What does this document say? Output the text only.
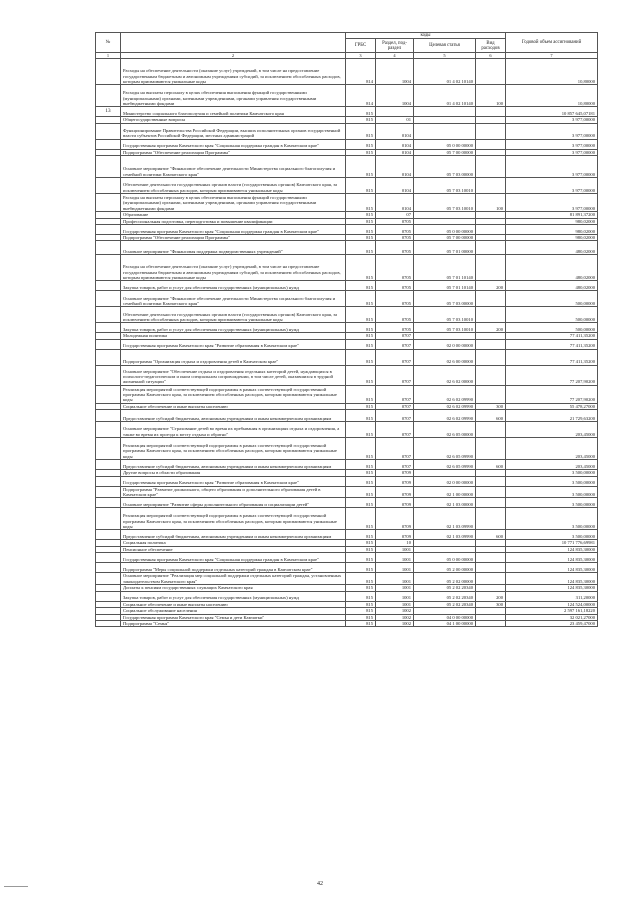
№		коды				Годовой объем ассигнований
		ГРБС	Раздел, под-раздел	Целевая статья	Вид расходов	
1	2	3	4	5	6	7
	Расходы на обеспечение деятельности (оказание услуг) учреждений, в том числе на предоставление государственным бюджетным и автономным учреждениям субсидий, за исключением обособленных расходов, которым присваиваются уникальные коды	814	1004	01 4 02 10140		10,80000
	Расходы на выплаты персоналу в целях обеспечения выполнения функций государственными (муниципальными) органами, казенными учреждениями, органами управления государственными внебюджетными фондами	814	1004	01 4 02 10140	100	10,80000
13	Министерство социального благополучия и семейной политики Камчатского края	815				10 857 645,07181
	Общегосударственные вопросы	815	01			3 977,00000
	Функционирование Правительства Российской Федерации, высших исполнительных органов государственной власти субъектов Российской Федерации, местных администраций	815	0104			3 977,00000
	Государственная программа Камчатского края "Социальная поддержка граждан в Камчатском крае"	815	0104	05 0 00 00000		3 977,00000
	Подпрограмма "Обеспечение реализации Программы"	815	0104	05 7 00 00000		3 977,00000
	Основное мероприятие "Финансовое обеспечение деятельности Министерства социального благополучия и семейной политики Камчатского края"	815	0104	05 7 03 00000		3 977,00000
	Обеспечение деятельности государственных органов власти (государственных органов) Камчатского края, за исключением обособленных расходов, которым присваиваются уникальные коды	815	0104	05 7 03 10010		3 977,00000
	Расходы на выплаты персоналу в целях обеспечения выполнения функций государственными (муниципальными) органами, казенными учреждениями, органами управления государственными внебюджетными фондами	815	0104	05 7 03 10010	100	3 977,00000
	Образование	815	07			81 891,37200
	Профессиональная подготовка, переподготовка и повышение квалификации	815	0705			980,02000
	Государственная программа Камчатского края "Социальная поддержка граждан в Камчатском крае"	815	0705	05 0 00 00000		980,02000
	Подпрограмма "Обеспечение реализации Программы"	815	0705	05 7 00 00000		980,02000
	Основное мероприятие "Финансовая поддержка подведомственных учреждений"	815	0705	05 7 01 00000		480,02000
	Расходы на обеспечение деятельности (оказание услуг) учреждений, в том числе на предоставление государственным бюджетным и автономным учреждениям субсидий, за исключением обособленных расходов, которым присваиваются уникальные коды	815	0705	05 7 01 10140		480,02000
	Закупка товаров, работ и услуг для обеспечения государственных (муниципальных) нужд	815	0705	05 7 01 10140	200	480,02000
	Основное мероприятие "Финансовое обеспечение деятельности Министерства социального благополучия и семейной политики Камчатского края"	815	0705	05 7 03 00000		500,00000
	Обеспечение деятельности государственных органов власти (государственных органов) Камчатского края, за исключением обособленных расходов, которым присваиваются уникальные коды	815	0705	05 7 03 10010		500,00000
	Закупка товаров, работ и услуг для обеспечения государственных (муниципальных) нужд	815	0705	05 7 03 10010	200	500,00000
	Молодежная политика	815	0707			77 411,35200
	Государственная программа Камчатского края "Развитие образования в Камчатском крае"	815	0707	02 0 00 00000		77 411,35200
	Подпрограмма "Организация отдыха и оздоровления детей в Камчатском крае"	815	0707	02 6 00 00000		77 411,35200
	Основное мероприятие "Обеспечение отдыха и оздоровления отдельных категорий детей, нуждающихся в психолого-педагогическом и ином специальном сопровождении, в том числе детей, оказавшихся в трудной жизненной ситуации"	815	0707	02 6 02 00000		77 207,90200
	Реализация мероприятий соответствующей подпрограммы в рамках соответствующей государственной программы Камчатского края, за исключением обособленных расходов, которым присваиваются уникальные коды	815	0707	02 6 02 09990		77 207,90200
	Социальное обеспечение и иные выплаты населению	815	0707	02 6 02 09990	300	55 478,27000
	Предоставление субсидий бюджетным, автономным учреждениям и иным некоммерческим организациям	815	0707	02 6 02 09990	600	21 729,63200
	Основное мероприятие "Страхование детей во время их пребывания в организациях отдыха и оздоровления, а также во время их проезда к месту отдыха и обратно"	815	0707	02 6 05 00000		203,45000
	Реализация мероприятий соответствующей подпрограммы в рамках соответствующей государственной программы Камчатского края, за исключением обособленных расходов, которым присваиваются уникальные коды	815	0707	02 6 05 09990		203,45000
	Предоставление субсидий бюджетным, автономным учреждениям и иным некоммерческим организациям	815	0707	02 6 05 09990	600	203,45000
	Другие вопросы в области образования	815	0709			3 500,00000
	Государственная программа Камчатского края "Развитие образования в Камчатском крае"	815	0709	02 0 00 00000		3 500,00000
	Подпрограмма "Развитие дошкольного, общего образования и дополнительного образования детей в Камчатском крае"	815	0709	02 1 00 00000		3 500,00000
	Основное мероприятие "Развитие сферы дополнительного образования и социализации детей"	815	0709	02 1 03 00000		3 500,00000
	Реализация мероприятий соответствующей подпрограммы в рамках соответствующей государственной программы Камчатского края, за исключением обособленных расходов, которым присваиваются уникальные коды	815	0709	02 1 03 09990		3 500,00000
	Предоставление субсидий бюджетным, автономным учреждениям и иным некоммерческим организациям	815	0709	02 1 03 09990	600	3 500,00000
	Социальная политика	815	10			10 771 776,69981
	Пенсионное обеспечение	815	1001			124 835,30000
	Государственная программа Камчатского края "Социальная поддержка граждан в Камчатском крае"	815	1001	05 0 00 00000		124 835,30000
	Подпрограмма "Меры социальной поддержки отдельных категорий граждан в Камчатском крае"	815	1001	05 2 00 00000		124 835,30000
	Основное мероприятие "Реализация мер социальной поддержки отдельных категорий граждан, установленных законодательством Камчатского края"	815	1001	05 2 02 00000		124 835,30000
	Доплаты к пенсиям государственных служащих Камчатского края	815	1001	05 2 02 20340		124 835,30000
	Закупка товаров, работ и услуг для обеспечения государственных (муниципальных) нужд	815	1001	05 2 02 20340	200	311,20000
	Социальное обеспечение и иные выплаты населению	815	1001	05 2 02 20340	300	124 524,00000
	Социальное обслуживание населения	815	1002			2 597 161,18220
	Государственная программа Камчатского края "Семья и дети Камчатки"	815	1002	04 0 00 00000		32 021,27000
	Подпрограмма "Семья"	815	1002	04 1 00 00000		23 459,47000
42
